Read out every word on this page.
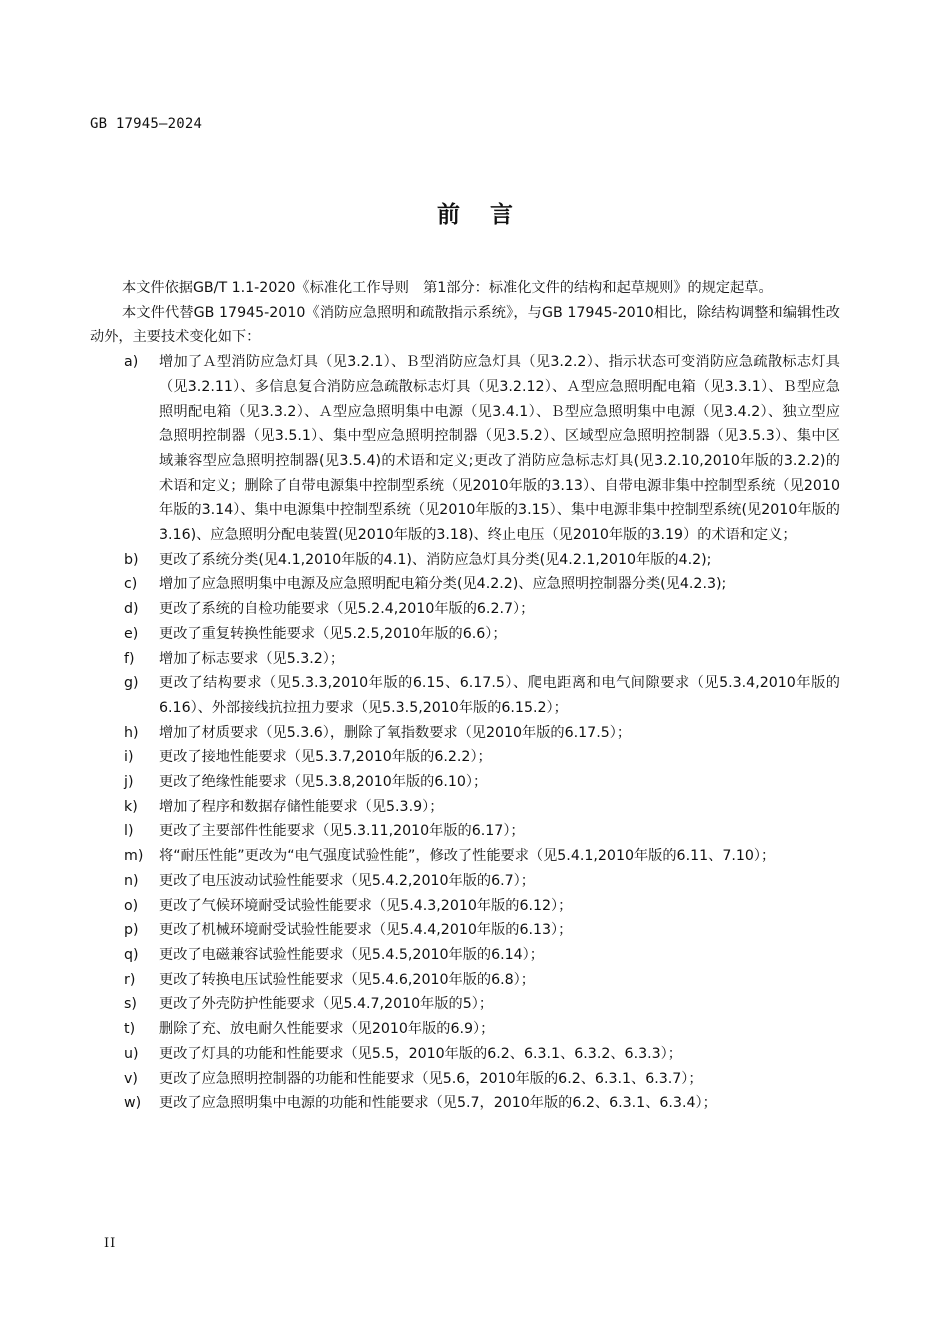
GB 17945—2024
前言

本文件依据GB/T 1.1-2020《标准化工作导则　第1部分：标准化文件的结构和起草规则》的规定起草。

本文件代替GB 17945-2010《消防应急照明和疏散指示系统》，与GB 17945-2010相比，除结构调整和编辑性改动外，主要技术变化如下：

a) 增加了Ａ型消防应急灯具（见3.2.1）、Ｂ型消防应急灯具（见3.2.2）、指示状态可变消防应急疏散标志灯具（见3.2.11）、多信息复合消防应急疏散标志灯具（见3.2.12）、Ａ型应急照明配电箱（见3.3.1）、Ｂ型应急照明配电箱（见3.3.2）、Ａ型应急照明集中电源（见3.4.1）、Ｂ型应急照明集中电源（见3.4.2）、独立型应急照明控制器（见3.5.1）、集中型应急照明控制器（见3.5.2）、区域型应急照明控制器（见3.5.3）、集中区域兼容型应急照明控制器(见3.5.4)的术语和定义;更改了消防应急标志灯具(见3.2.10,2010年版的3.2.2)的术语和定义；删除了自带电源集中控制型系统（见2010年版的3.13）、自带电源非集中控制型系统（见2010年版的3.14）、集中电源集中控制型系统（见2010年版的3.15）、集中电源非集中控制型系统(见2010年版的3.16)、应急照明分配电装置(见2010年版的3.18)、终止电压（见2010年版的3.19）的术语和定义；
b) 更改了系统分类(见4.1,2010年版的4.1)、消防应急灯具分类(见4.2.1,2010年版的4.2);
c) 增加了应急照明集中电源及应急照明配电箱分类(见4.2.2)、应急照明控制器分类(见4.2.3);
d) 更改了系统的自检功能要求（见5.2.4,2010年版的6.2.7）；
e) 更改了重复转换性能要求（见5.2.5,2010年版的6.6）；
f) 增加了标志要求（见5.3.2）；
g) 更改了结构要求（见5.3.3,2010年版的6.15、6.17.5）、爬电距离和电气间隙要求（见5.3.4,2010年版的6.16）、外部接线抗拉扭力要求（见5.3.5,2010年版的6.15.2）；
h) 增加了材质要求（见5.3.6），删除了氧指数要求（见2010年版的6.17.5）；
i) 更改了接地性能要求（见5.3.7,2010年版的6.2.2）；
j) 更改了绝缘性能要求（见5.3.8,2010年版的6.10）；
k) 增加了程序和数据存储性能要求（见5.3.9）；
l) 更改了主要部件性能要求（见5.3.11,2010年版的6.17）；
m) 将“耐压性能”更改为“电气强度试验性能”，修改了性能要求（见5.4.1,2010年版的6.11、7.10）；
n) 更改了电压波动试验性能要求（见5.4.2,2010年版的6.7）；
o) 更改了气候环境耐受试验性能要求（见5.4.3,2010年版的6.12）；
p) 更改了机械环境耐受试验性能要求（见5.4.4,2010年版的6.13）；
q) 更改了电磁兼容试验性能要求（见5.4.5,2010年版的6.14）；
r) 更改了转换电压试验性能要求（见5.4.6,2010年版的6.8）；
s) 更改了外壳防护性能要求（见5.4.7,2010年版的5）；
t) 删除了充、放电耐久性能要求（见2010年版的6.9）；
u) 更改了灯具的功能和性能要求（见5.5，2010年版的6.2、6.3.1、6.3.2、6.3.3）；
v) 更改了应急照明控制器的功能和性能要求（见5.6，2010年版的6.2、6.3.1、6.3.7）；
w) 更改了应急照明集中电源的功能和性能要求（见5.7，2010年版的6.2、6.3.1、6.3.4）；
II
